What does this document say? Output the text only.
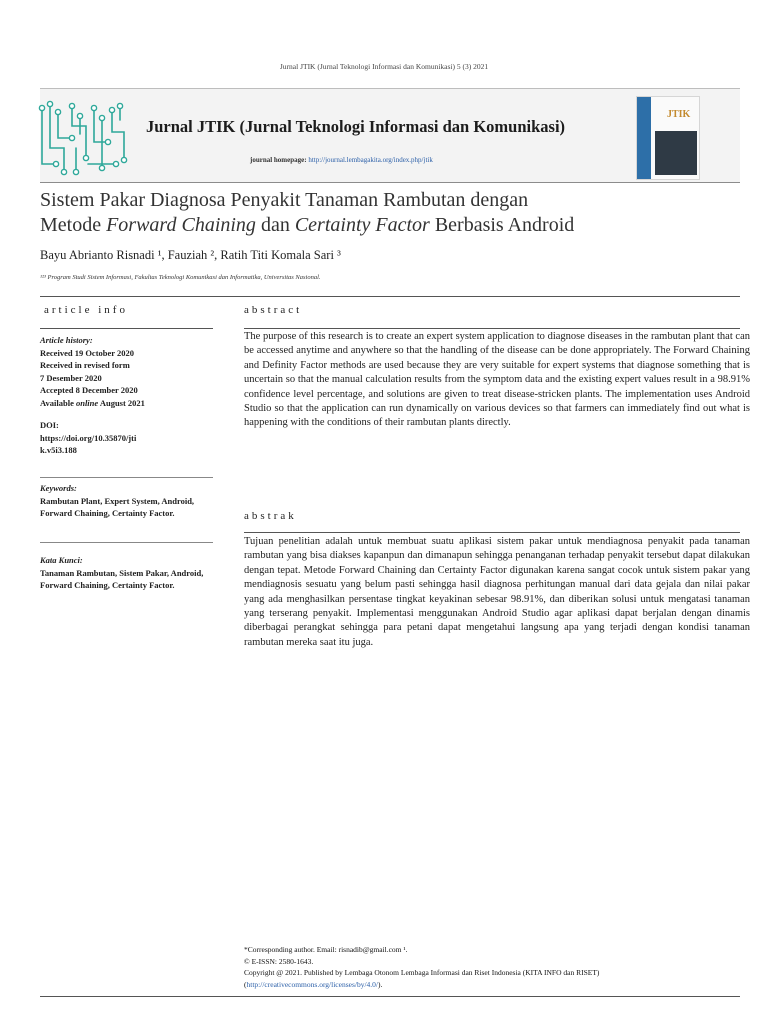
Jurnal JTIK (Jurnal Teknologi Informasi dan Komunikasi) 5 (3) 2021
Jurnal JTIK (Jurnal Teknologi Informasi dan Komunikasi)
journal homepage: http://journal.lembagakita.org/index.php/jtik
JTIK
Sistem Pakar Diagnosa Penyakit Tanaman Rambutan dengan
Metode Forward Chaining dan Certainty Factor Berbasis Android
Bayu Abrianto Risnadi ¹, Fauziah ², Ratih Titi Komala Sari ³
¹²³ Program Studi Sistem Informasi, Fakultas Teknologi Komunikasi dan Informatika, Universitas Nasional.
article info	abstract
abstrak
Article history:
Received 19 October 2020
Received in revised form
7 Desember 2020
Accepted 8 December 2020
Available online August 2021
DOI:
https://doi.org/10.35870/jti
k.v5i3.188
Keywords:
Rambutan Plant, Expert System, Android, Forward Chaining, Certainty Factor.
Kata Kunci:
Tanaman Rambutan, Sistem Pakar, Android, Forward Chaining, Certainty Factor.

The purpose of this research is to create an expert system application to diagnose diseases in the rambutan plant that can be accessed anytime and anywhere so that the handling of the disease can be done appropriately. The Forward Chaining and Definity Factor methods are used because they are very suitable for expert systems that diagnose something that is uncertain so that the manual calculation results from the symptom data and the existing expert values result in a 98.91% confidence level percentage, and solutions are given to treat disease-stricken plants. The implementation uses Android Studio so that the application can run dynamically on various devices so that farmers can immediately find out what is happening with the conditions of their rambutan plants directly.

Tujuan penelitian adalah untuk membuat suatu aplikasi sistem pakar untuk mendiagnosa penyakit pada tanaman rambutan yang bisa diakses kapanpun dan dimanapun sehingga penanganan terhadap penyakit tersebut dapat dilakukan dengan tepat. Metode Forward Chaining dan Certainty Factor digunakan karena sangat cocok untuk sistem pakar yang mendiagnosis sesuatu yang belum pasti sehingga hasil diagnosa perhitungan manual dari data gejala dan nilai pakar yang ada menghasilkan persentase tingkat keyakinan sebesar 98.91%, dan diberikan solusi untuk mengatasi tanaman yang terserang penyakit. Implementasi menggunakan Android Studio agar aplikasi dapat berjalan dengan dinamis diberbagai perangkat sehingga para petani dapat mengetahui langsung apa yang terjadi dengan kondisi tanaman rambutan mereka saat itu juga.

*Corresponding author. Email: risnadib@gmail.com ¹.
© E-ISSN: 2580-1643.
Copyright @ 2021. Published by Lembaga Otonom Lembaga Informasi dan Riset Indonesia (KITA INFO dan RISET)
(http://creativecommons.org/licenses/by/4.0/).
